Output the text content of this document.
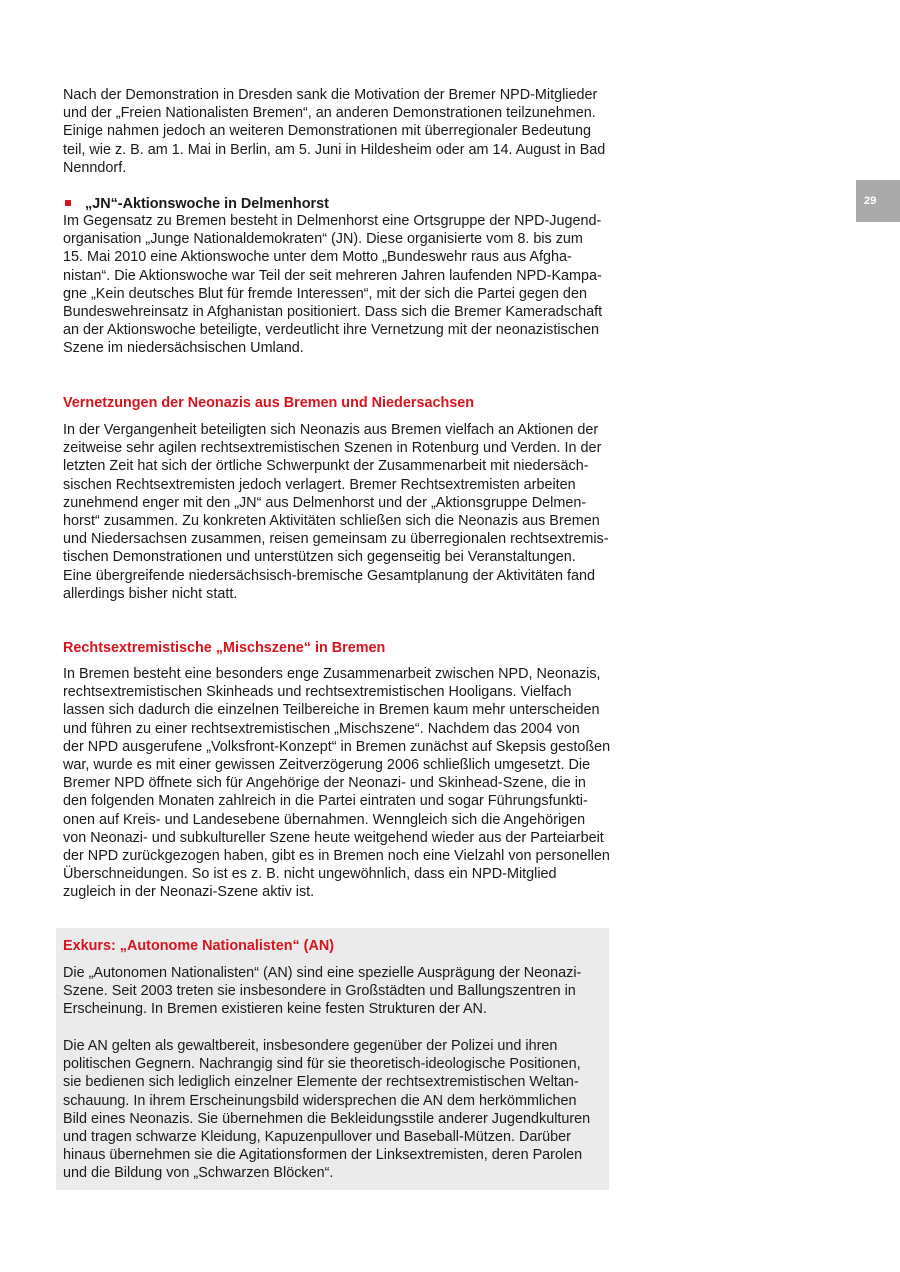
29
Nach der Demonstration in Dresden sank die Motivation der Bremer NPD-Mitglieder
und der „Freien Nationalisten Bremen“, an anderen Demonstrationen teilzunehmen.
Einige nahmen jedoch an weiteren Demonstrationen mit überregionaler Bedeutung
teil, wie z. B. am 1. Mai in Berlin, am 5. Juni in Hildesheim oder am 14. August in Bad
Nenndorf.
„JN“-Aktionswoche in Delmenhorst
Im Gegensatz zu Bremen besteht in Delmenhorst eine Ortsgruppe der NPD-Jugend-
organisation „Junge Nationaldemokraten“ (JN). Diese organisierte vom 8. bis zum
15. Mai 2010 eine Aktionswoche unter dem Motto „Bundeswehr raus aus Afgha-
nistan“. Die Aktionswoche war Teil der seit mehreren Jahren laufenden NPD-Kampa-
gne „Kein deutsches Blut für fremde Interessen“, mit der sich die Partei gegen den
Bundeswehreinsatz in Afghanistan positioniert. Dass sich die Bremer Kameradschaft
an der Aktionswoche beteiligte, verdeutlicht ihre Vernetzung mit der neonazistischen
Szene im niedersächsischen Umland.
Vernetzungen der Neonazis aus Bremen und Niedersachsen
In der Vergangenheit beteiligten sich Neonazis aus Bremen vielfach an Aktionen der
zeitweise sehr agilen rechtsextremistischen Szenen in Rotenburg und Verden. In der
letzten Zeit hat sich der örtliche Schwerpunkt der Zusammenarbeit mit niedersäch-
sischen Rechtsextremisten jedoch verlagert. Bremer Rechtsextremisten arbeiten
zunehmend enger mit den „JN“ aus Delmenhorst und der „Aktionsgruppe Delmen-
horst“ zusammen. Zu konkreten Aktivitäten schließen sich die Neonazis aus Bremen
und Niedersachsen zusammen, reisen gemeinsam zu überregionalen rechtsextremis-
tischen Demonstrationen und unterstützen sich gegenseitig bei Veranstaltungen.
Eine übergreifende niedersächsisch-bremische Gesamtplanung der Aktivitäten fand
allerdings bisher nicht statt.
Rechtsextremistische „Mischszene“ in Bremen
In Bremen besteht eine besonders enge Zusammenarbeit zwischen NPD, Neonazis,
rechtsextremistischen Skinheads und rechtsextremistischen Hooligans. Vielfach
lassen sich dadurch die einzelnen Teilbereiche in Bremen kaum mehr unterscheiden
und führen zu einer rechtsextremistischen „Mischszene“. Nachdem das 2004 von
der NPD ausgerufene „Volksfront-Konzept“ in Bremen zunächst auf Skepsis gestoßen
war, wurde es mit einer gewissen Zeitverzögerung 2006 schließlich umgesetzt. Die
Bremer NPD öffnete sich für Angehörige der Neonazi- und Skinhead-Szene, die in
den folgenden Monaten zahlreich in die Partei eintraten und sogar Führungsfunkti-
onen auf Kreis- und Landesebene übernahmen. Wenngleich sich die Angehörigen
von Neonazi- und subkultureller Szene heute weitgehend wieder aus der Parteiarbeit
der NPD zurückgezogen haben, gibt es in Bremen noch eine Vielzahl von personellen
Überschneidungen. So ist es z. B. nicht ungewöhnlich, dass ein NPD-Mitglied
zugleich in der Neonazi-Szene aktiv ist.
Exkurs: „Autonome Nationalisten“ (AN)
Die „Autonomen Nationalisten“ (AN) sind eine spezielle Ausprägung der Neonazi-
Szene. Seit 2003 treten sie insbesondere in Großstädten und Ballungszentren in
Erscheinung. In Bremen existieren keine festen Strukturen der AN.
Die AN gelten als gewaltbereit, insbesondere gegenüber der Polizei und ihren
politischen Gegnern. Nachrangig sind für sie theoretisch-ideologische Positionen,
sie bedienen sich lediglich einzelner Elemente der rechtsextremistischen Weltan-
schauung. In ihrem Erscheinungsbild widersprechen die AN dem herkömmlichen
Bild eines Neonazis. Sie übernehmen die Bekleidungsstile anderer Jugendkulturen
und tragen schwarze Kleidung, Kapuzenpullover und Baseball-Mützen. Darüber
hinaus übernehmen sie die Agitationsformen der Linksextremisten, deren Parolen
und die Bildung von „Schwarzen Blöcken“.
